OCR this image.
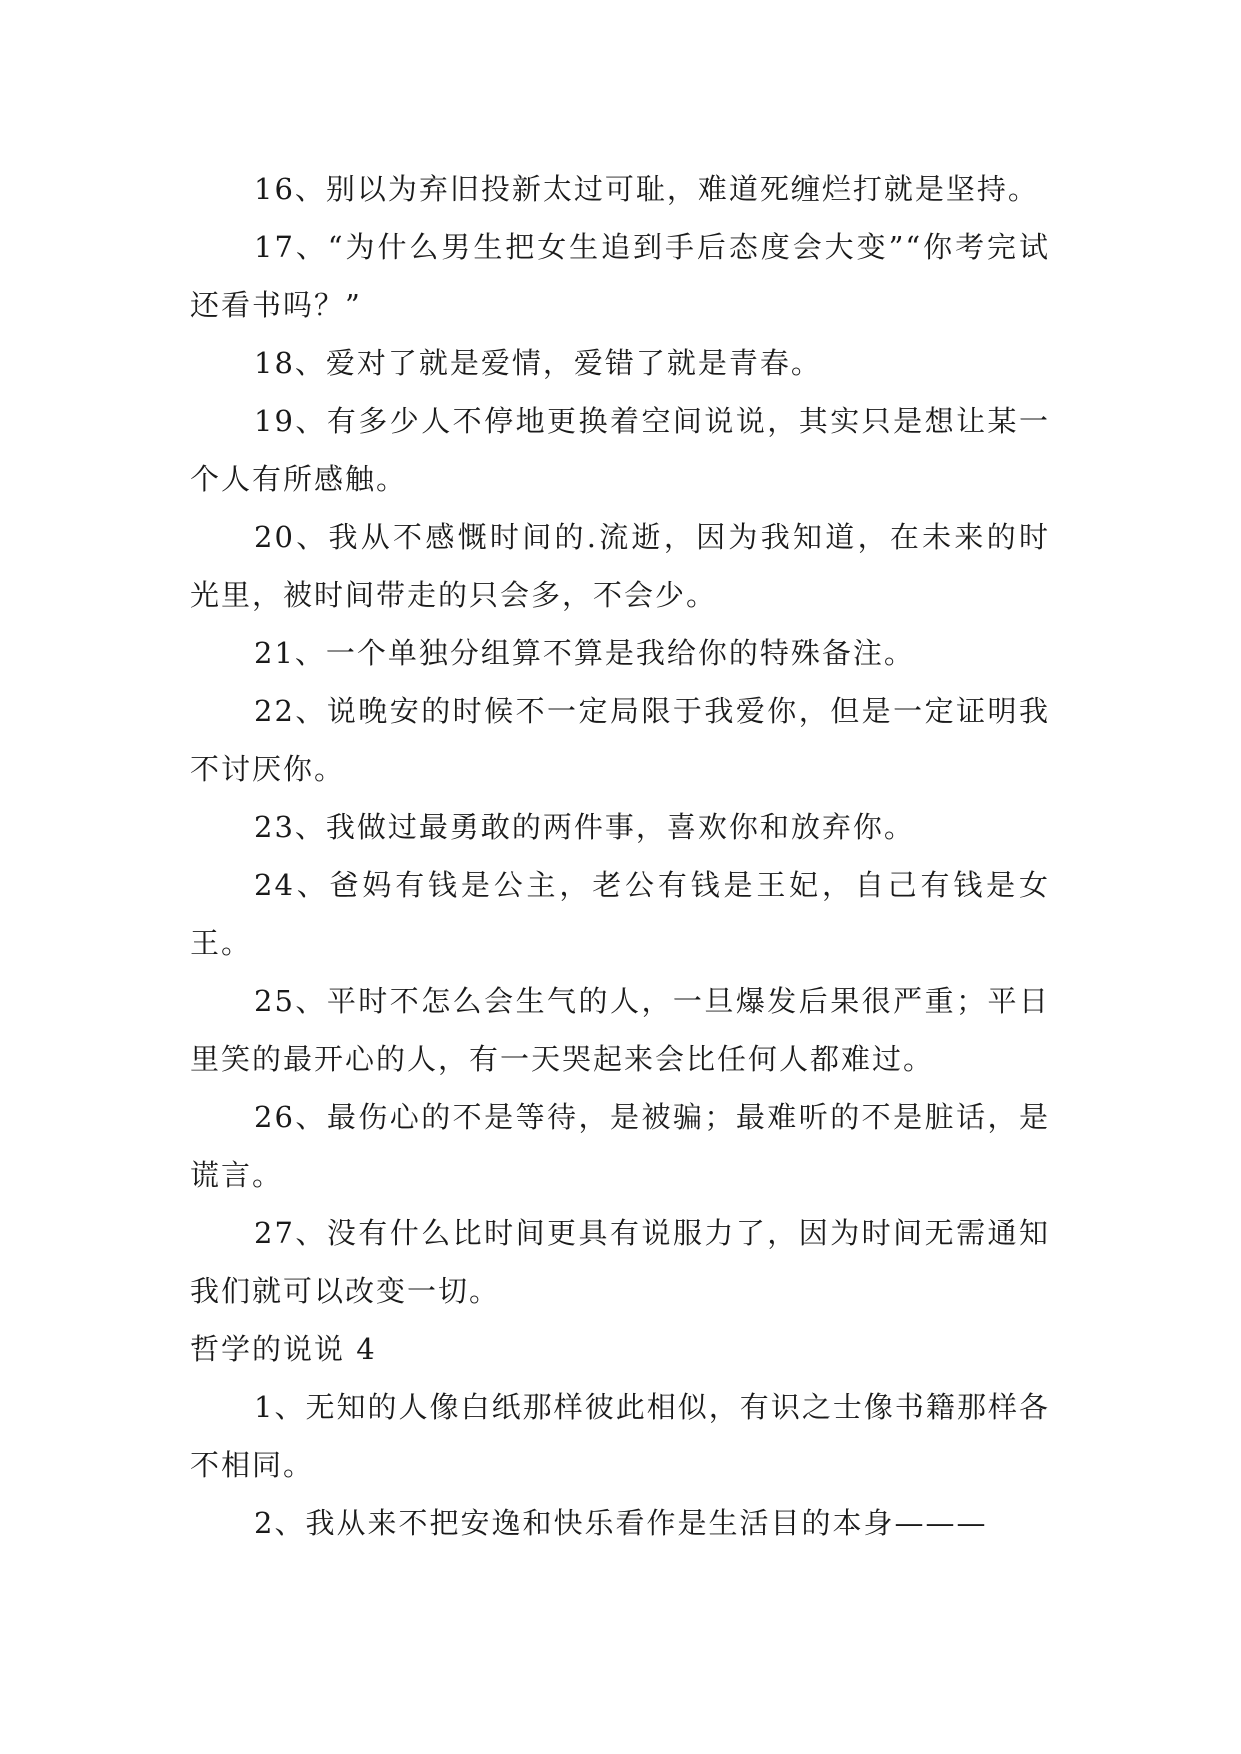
16、别以为弃旧投新太过可耻，难道死缠烂打就是坚持。

17、“为什么男生把女生追到手后态度会大变”“你考完试还看书吗？”

18、爱对了就是爱情，爱错了就是青春。

19、有多少人不停地更换着空间说说，其实只是想让某一个人有所感触。

20、我从不感慨时间的.流逝，因为我知道，在未来的时光里，被时间带走的只会多，不会少。

21、一个单独分组算不算是我给你的特殊备注。

22、说晚安的时候不一定局限于我爱你，但是一定证明我不讨厌你。

23、我做过最勇敢的两件事，喜欢你和放弃你。

24、爸妈有钱是公主，老公有钱是王妃，自己有钱是女王。

25、平时不怎么会生气的人，一旦爆发后果很严重；平日里笑的最开心的人，有一天哭起来会比任何人都难过。

26、最伤心的不是等待，是被骗；最难听的不是脏话，是谎言。

27、没有什么比时间更具有说服力了，因为时间无需通知我们就可以改变一切。

哲学的说说 4

1、无知的人像白纸那样彼此相似，有识之士像书籍那样各不相同。

2、我从来不把安逸和快乐看作是生活目的本身———
